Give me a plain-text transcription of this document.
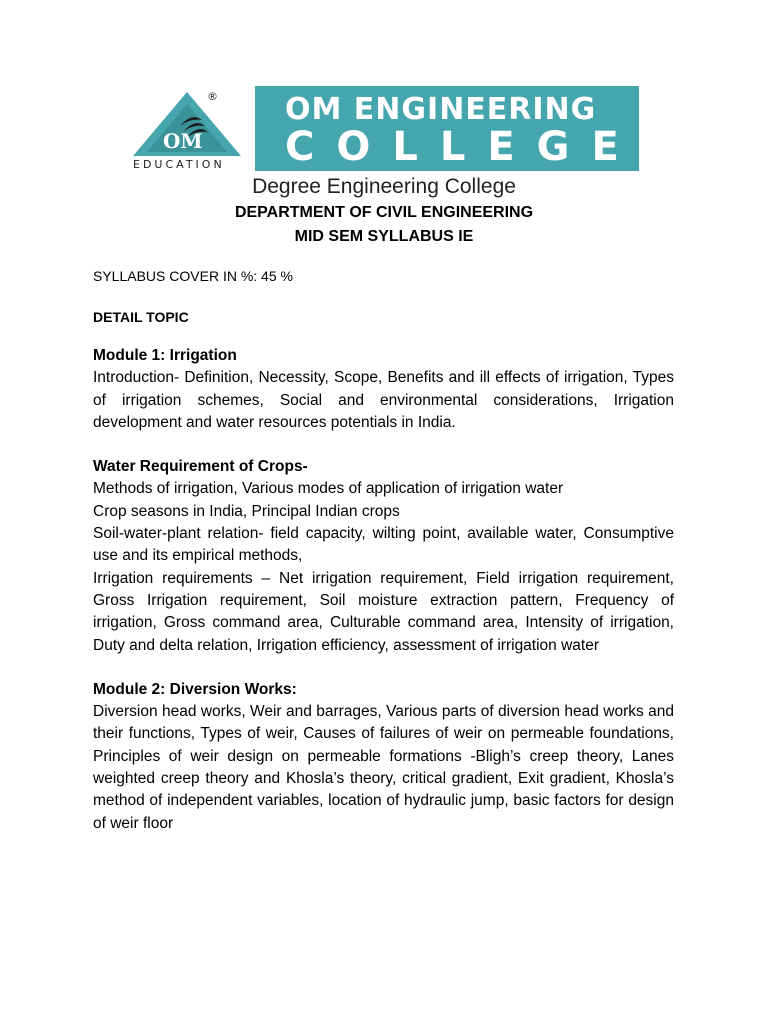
OM
EDUCATION
® OM ENGINEERING
COLLEGE
Degree Engineering College
DEPARTMENT OF CIVIL ENGINEERING
MID SEM SYLLABUS IE
SYLLABUS COVER IN %: 45 %
DETAIL TOPIC

Module 1: Irrigation

Introduction- Definition, Necessity, Scope, Benefits and ill effects of irrigation, Types of irrigation schemes, Social and environmental considerations, Irrigation development and water resources potentials in India.

Water Requirement of Crops-

Methods of irrigation, Various modes of application of irrigation water

Crop seasons in India, Principal Indian crops

Soil-water-plant relation- field capacity, wilting point, available water, Consumptive use and its empirical methods,

Irrigation requirements – Net irrigation requirement, Field irrigation requirement, Gross Irrigation requirement, Soil moisture extraction pattern, Frequency of irrigation, Gross command area, Culturable command area, Intensity of irrigation, Duty and delta relation, Irrigation efficiency, assessment of irrigation water

Module 2: Diversion Works:

Diversion head works, Weir and barrages, Various parts of diversion head works and their functions, Types of weir, Causes of failures of weir on permeable foundations, Principles of weir design on permeable formations -Bligh’s creep theory, Lanes weighted creep theory and Khosla’s theory, critical gradient, Exit gradient, Khosla’s method of independent variables, location of hydraulic jump, basic factors for design of weir floor
